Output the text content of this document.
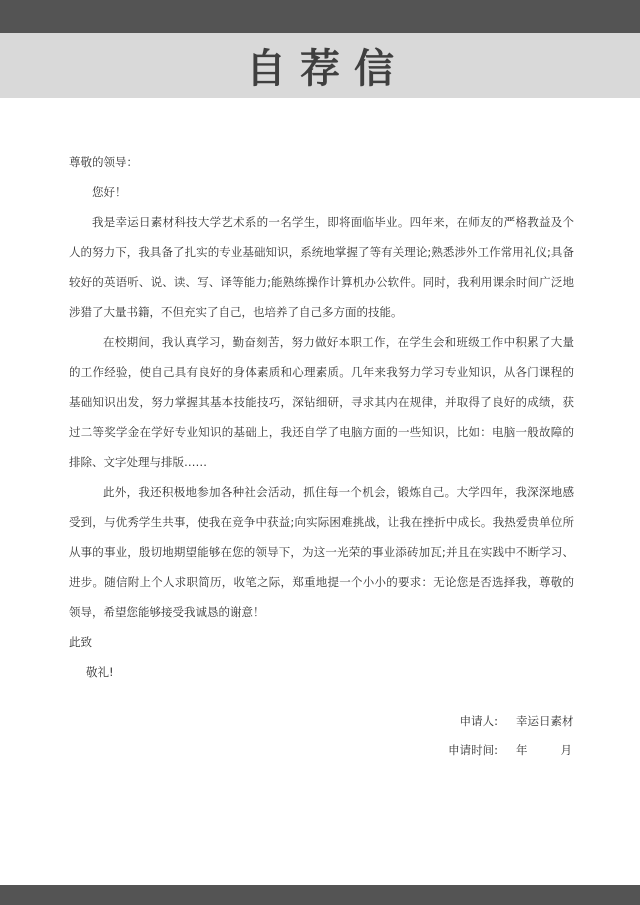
自荐信

尊敬的领导：

您好！

我是幸运日素材科技大学艺术系的一名学生，即将面临毕业。四年来，在师友的严格教益及个人的努力下，我具备了扎实的专业基础知识，系统地掌握了等有关理论;熟悉涉外工作常用礼仪;具备较好的英语听、说、读、写、译等能力;能熟练操作计算机办公软件。同时，我利用课余时间广泛地涉猎了大量书籍，不但充实了自己，也培养了自己多方面的技能。

在校期间，我认真学习，勤奋刻苦，努力做好本职工作，在学生会和班级工作中积累了大量的工作经验，使自己具有良好的身体素质和心理素质。几年来我努力学习专业知识，从各门课程的基础知识出发，努力掌握其基本技能技巧，深钻细研，寻求其内在规律，并取得了良好的成绩，获过二等奖学金在学好专业知识的基础上，我还自学了电脑方面的一些知识，比如：电脑一般故障的排除、文字处理与排版……

此外，我还积极地参加各种社会活动，抓住每一个机会，锻炼自己。大学四年，我深深地感受到，与优秀学生共事，使我在竞争中获益;向实际困难挑战，让我在挫折中成长。我热爱贵单位所从事的事业，殷切地期望能够在您的领导下，为这一光荣的事业添砖加瓦;并且在实践中不断学习、进步。随信附上个人求职简历，收笔之际，郑重地提一个小小的要求：无论您是否选择我，尊敬的领导，希望您能够接受我诚恳的谢意！

此致

敬礼!

申请人: 幸运日素材
申请时间: 年	月
